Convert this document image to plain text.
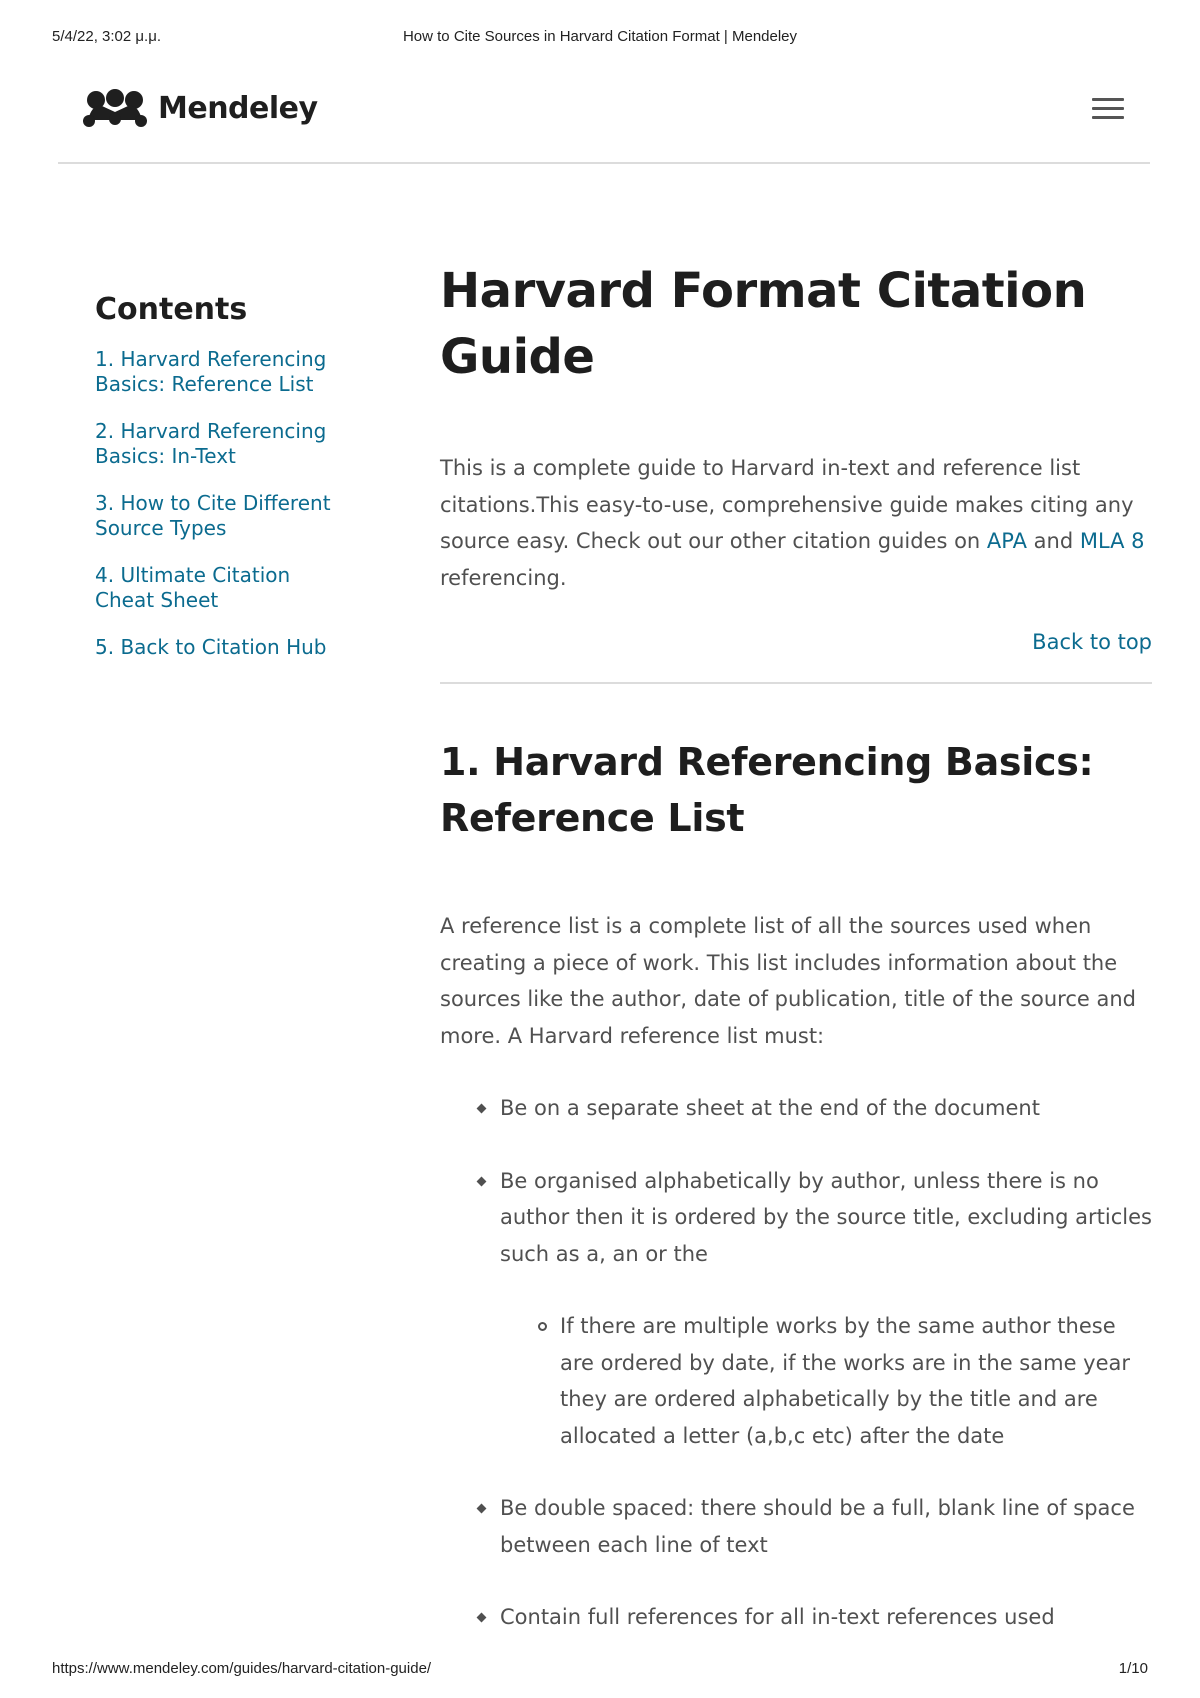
5/4/22, 3:02 μ.μ.	How to Cite Sources in Harvard Citation Format | Mendeley
Mendeley
Contents
1. Harvard Referencing Basics: Reference List
2. Harvard Referencing Basics: In-Text
3. How to Cite Different Source Types
4. Ultimate Citation Cheat Sheet
5. Back to Citation Hub
Harvard Format Citation Guide

This is a complete guide to Harvard in-text and reference list citations.This easy-to-use, comprehensive guide makes citing any source easy. Check out our other citation guides on APA and MLA 8 referencing.

Back to top
1. Harvard Referencing Basics: Reference List

A reference list is a complete list of all the sources used when creating a piece of work. This list includes information about the sources like the author, date of publication, title of the source and more. A Harvard reference list must:

Be on a separate sheet at the end of the document
Be organised alphabetically by author, unless there is no author then it is ordered by the source title, excluding articles such as a, an or the
If there are multiple works by the same author these are ordered by date, if the works are in the same year they are ordered alphabetically by the title and are allocated a letter (a,b,c etc) after the date
Be double spaced: there should be a full, blank line of space between each line of text
Contain full references for all in-text references used
https://www.mendeley.com/guides/harvard-citation-guide/	1/10
